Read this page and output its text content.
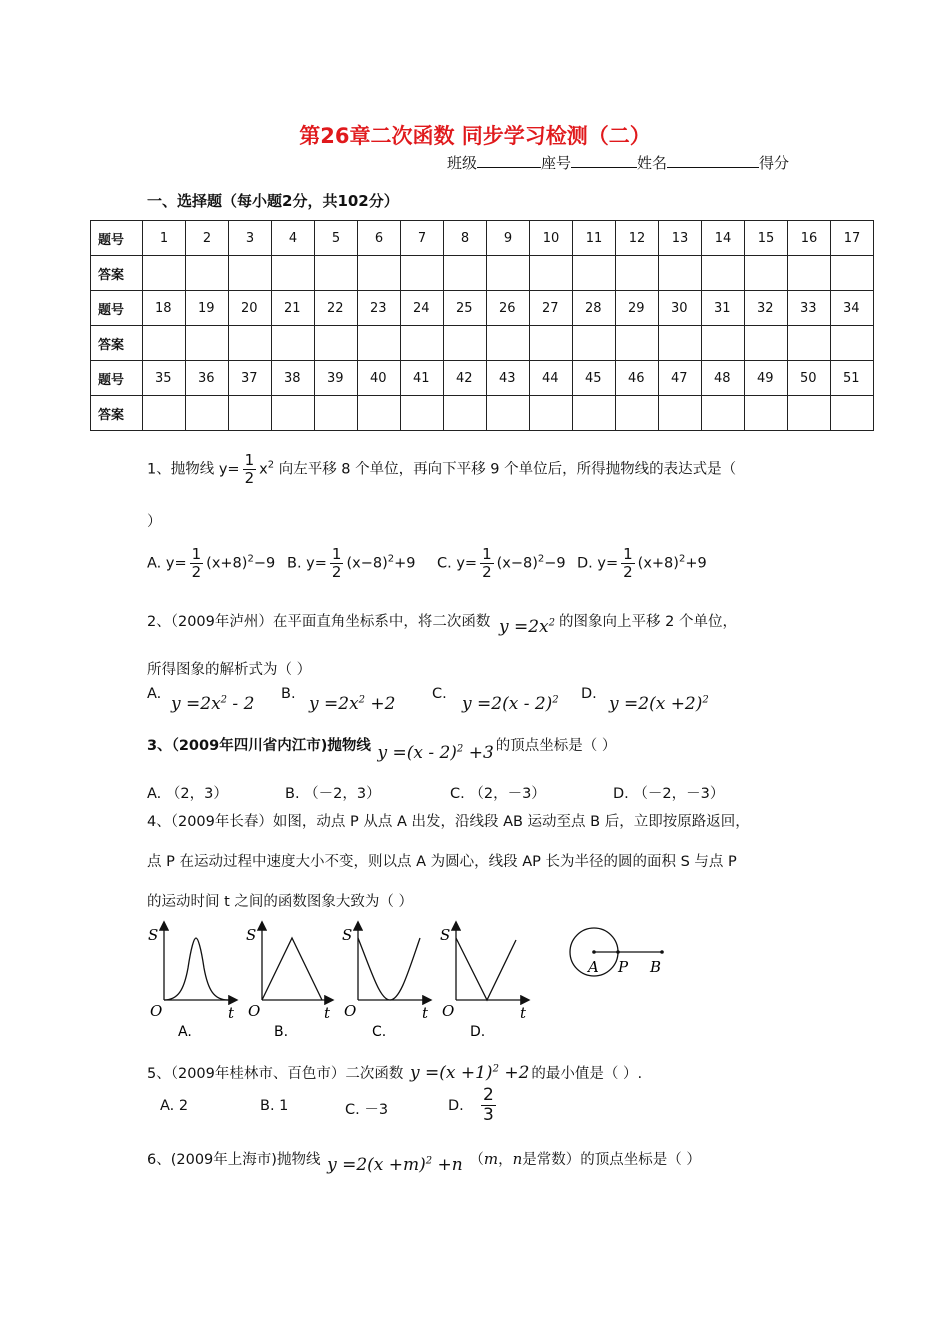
第26章二次函数 同步学习检测（二）
班级	座号	姓名	得分
一、选择题（每小题2分，共102分）
题号	1	2	3	4	5	6	7	8	9	10	11	12	13	14	15	16	17
答案																	
题号	18	19	20	21	22	23	24	25	26	27	28	29	30	31	32	33	34
答案																	
题号	35	36	37	38	39	40	41	42	43	44	45	46	47	48	49	50	51
答案																	
1、抛物线 $y= \frac{1}{2} x^2$ 向左平移 8 个单位，再向下平移 9 个单位后，所得抛物线的表达式是（
）
A. $y= \frac{1}{2} (x+8)^2-9$ B. $y= \frac{1}{2} (x-8)^2+9$ C. $y= \frac{1}{2} (x-8)^2-9$ D. $y= \frac{1}{2} (x+8)^2+9$
2、（2009年泸州）在平面直角坐标系中，将二次函数 $y =2x^2$ 的图象向上平移 2 个单位，
所得图象的解析式为（ ）
A. $y =2x^2 - 2$ B. $y =2x^2 +2$	C. y =2(x - 2)$^2$ D. $y =2(x +2)^2$
3、（2009年四川省内江市)抛物线 y =(x - 2)$^2$ +3 的顶点坐标是（ ）
A. （2，3）	B. （－2，3）	C. （2，－3）	D. （－2，－3）
4、（2009年长春）如图，动点 P 从点 A 出发，沿线段 AB 运动至点 B 后，立即按原路返回，
点 P 在运动过程中速度大小不变，则以点 A 为圆心，线段 AP 长为半径的圆的面积 S 与点 P
的运动时间 t 之间的函数图象大致为（ ）
S
O	t
A.
S
O	t
B.
S
O	t
C.
S
O	t
D.
A P B
5、（2009年桂林市、百色市）二次函数 $y =(x +1)^2 +2$ 的最小值是（ ）.
A. 2	B. 1	C. －3	D. $\frac{2}{3}$
6、(2009年上海市)抛物线 $y =2(x +m)^2 +n$ （m，n是常数）的顶点坐标是（ ）
